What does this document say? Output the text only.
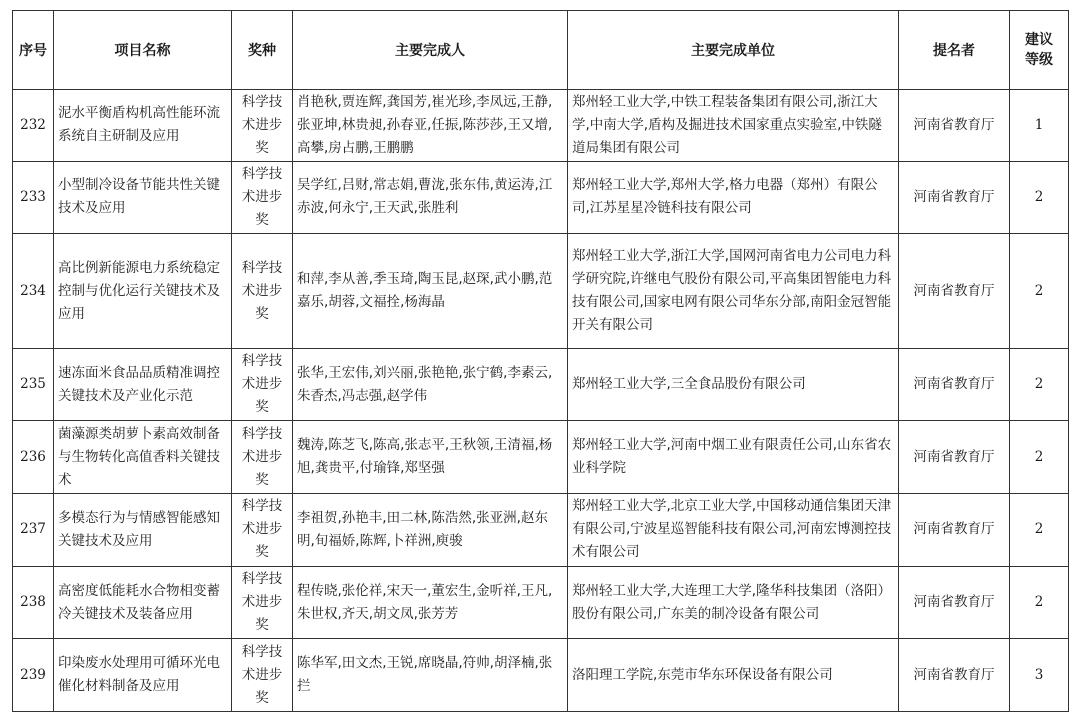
序号	项目名称	奖种	主要完成人	主要完成单位	提名者	建议
等级
232	泥水平衡盾构机高性能环流系统自主研制及应用	科学技术进步奖	肖艳秋,贾连辉,龚国芳,崔光珍,李凤远,王静,张亚坤,林贵昶,孙春亚,任振,陈莎莎,王又增,高攀,房占鹏,王鹏鹏	郑州轻工业大学,中铁工程装备集团有限公司,浙江大学,中南大学,盾构及掘进技术国家重点实验室,中铁隧道局集团有限公司	河南省教育厅	1
233	小型制冷设备节能共性关键技术及应用	科学技术进步奖	吴学红,吕财,常志娟,曹泷,张东伟,黄运涛,江赤波,何永宁,王天武,张胜利	郑州轻工业大学,郑州大学,格力电器（郑州）有限公司,江苏星星冷链科技有限公司	河南省教育厅	2
234	高比例新能源电力系统稳定控制与优化运行关键技术及应用	科学技术进步奖	和萍,李从善,季玉琦,陶玉昆,赵琛,武小鹏,范嘉乐,胡蓉,文福拴,杨海晶	郑州轻工业大学,浙江大学,国网河南省电力公司电力科学研究院,许继电气股份有限公司,平高集团智能电力科技有限公司,国家电网有限公司华东分部,南阳金冠智能开关有限公司	河南省教育厅	2
235	速冻面米食品品质精准调控关键技术及产业化示范	科学技术进步奖	张华,王宏伟,刘兴丽,张艳艳,张宁鹤,李素云,朱香杰,冯志强,赵学伟	郑州轻工业大学,三全食品股份有限公司	河南省教育厅	2
236	菌藻源类胡萝卜素高效制备与生物转化高值香料关键技术	科学技术进步奖	魏涛,陈芝飞,陈高,张志平,王秋领,王清福,杨旭,龚贵平,付瑜锋,郑坚强	郑州轻工业大学,河南中烟工业有限责任公司,山东省农业科学院	河南省教育厅	2
237	多模态行为与情感智能感知关键技术及应用	科学技术进步奖	李祖贺,孙艳丰,田二林,陈浩然,张亚洲,赵东明,旬福娇,陈辉,卜祥洲,庾骏	郑州轻工业大学,北京工业大学,中国移动通信集团天津有限公司,宁波星巡智能科技有限公司,河南宏博测控技术有限公司	河南省教育厅	2
238	高密度低能耗水合物相变蓄冷关键技术及装备应用	科学技术进步奖	程传晓,张伦祥,宋天一,董宏生,金听祥,王凡,朱世权,齐天,胡文凤,张芳芳	郑州轻工业大学,大连理工大学,隆华科技集团（洛阳）股份有限公司,广东美的制冷设备有限公司	河南省教育厅	2
239	印染废水处理用可循环光电催化材料制备及应用	科学技术进步奖	陈华军,田文杰,王锐,席晓晶,符帅,胡泽楠,张拦	洛阳理工学院,东莞市华东环保设备有限公司	河南省教育厅	3
